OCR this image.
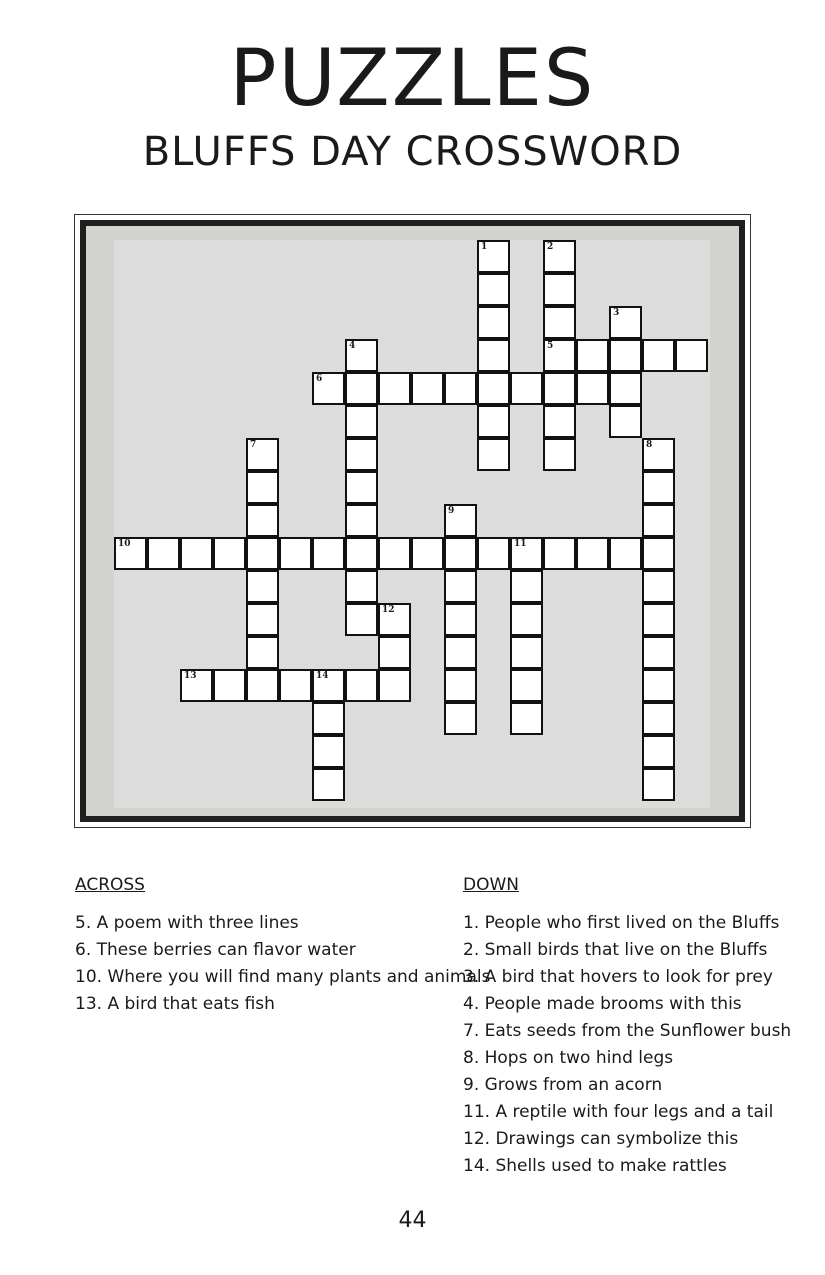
PUZZLES
BLUFFS DAY CROSSWORD
1	2
5
3
4
6
7	8
9
10	11
12
13	14
ACROSS
5. A poem with three lines
6. These berries can flavor water
10. Where you will find many plants and animals
13. A bird that eats fish
DOWN
1. People who first lived on the Bluffs
2. Small birds that live on the Bluffs
3. A bird that hovers to look for prey
4. People made brooms with this
7. Eats seeds from the Sunflower bush
8. Hops on two hind legs
9. Grows from an acorn
11. A reptile with four legs and a tail
12. Drawings can symbolize this
14. Shells used to make rattles
44
